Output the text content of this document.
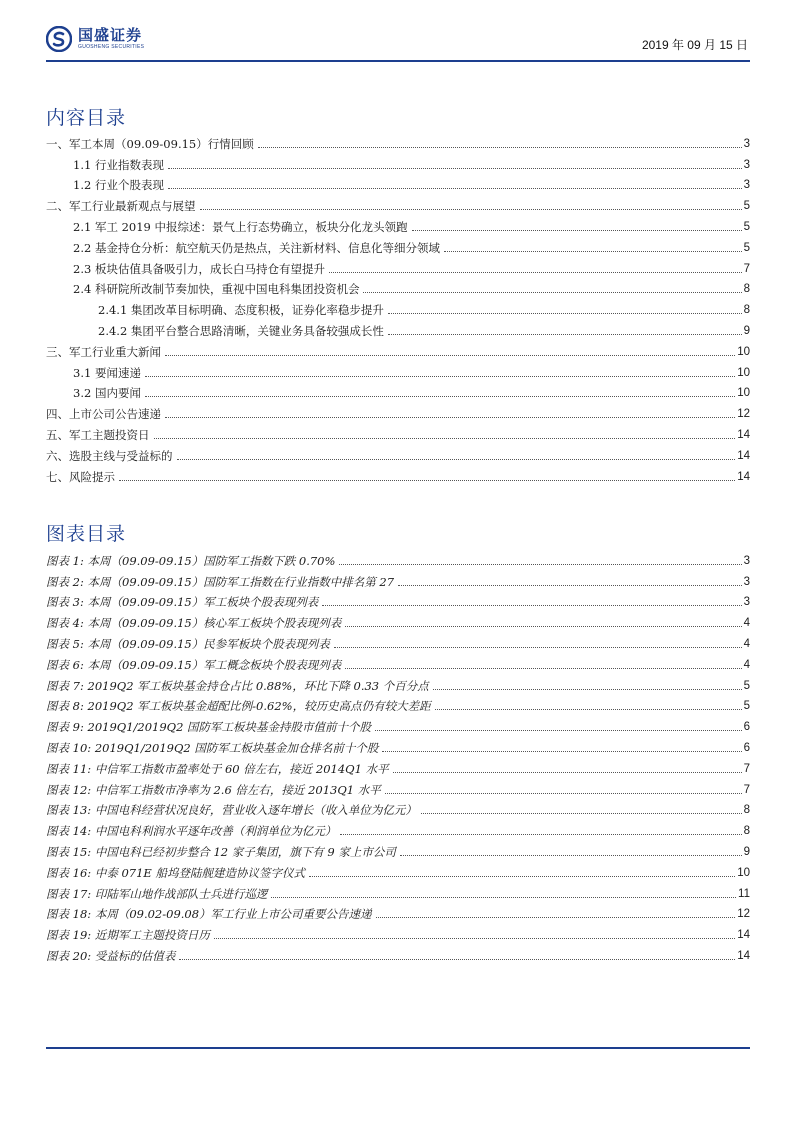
国盛证券
GUOSHENG SECURITIES	2019 年 09 月 15 日
内容目录
一、军工本周（09.09-09.15）行情回顾	3
1.1 行业指数表现	3
1.2 行业个股表现	3
二、军工行业最新观点与展望	5
2.1 军工 2019 中报综述：景气上行态势确立，板块分化龙头领跑	5
2.2 基金持仓分析：航空航天仍是热点，关注新材料、信息化等细分领域	5
2.3 板块估值具备吸引力，成长白马持仓有望提升	7
2.4 科研院所改制节奏加快，重视中国电科集团投资机会	8
2.4.1 集团改革目标明确、态度积极，证券化率稳步提升	8
2.4.2 集团平台整合思路清晰，关键业务具备较强成长性	9
三、军工行业重大新闻	10
3.1 要闻速递	10
3.2 国内要闻	10
四、上市公司公告速递	12
五、军工主题投资日	14
六、选股主线与受益标的	14
七、风险提示	14
图表目录
图表 1: 本周（09.09-09.15）国防军工指数下跌 0.70%	3
图表 2: 本周（09.09-09.15）国防军工指数在行业指数中排名第 27	3
图表 3: 本周（09.09-09.15）军工板块个股表现列表	3
图表 4: 本周（09.09-09.15）核心军工板块个股表现列表	4
图表 5: 本周（09.09-09.15）民参军板块个股表现列表	4
图表 6: 本周（09.09-09.15）军工概念板块个股表现列表	4
图表 7: 2019Q2 军工板块基金持仓占比 0.88%，环比下降 0.33 个百分点	5
图表 8: 2019Q2 军工板块基金超配比例-0.62%，较历史高点仍有较大差距	5
图表 9: 2019Q1/2019Q2 国防军工板块基金持股市值前十个股	6
图表 10: 2019Q1/2019Q2 国防军工板块基金加仓排名前十个股	6
图表 11: 中信军工指数市盈率处于 60 倍左右，接近 2014Q1 水平	7
图表 12: 中信军工指数市净率为 2.6 倍左右，接近 2013Q1 水平	7
图表 13: 中国电科经营状况良好，营业收入逐年增长（收入单位为亿元）	8
图表 14: 中国电科利润水平逐年改善（利润单位为亿元）	8
图表 15: 中国电科已经初步整合 12 家子集团，旗下有 9 家上市公司	9
图表 16: 中泰 071E 船坞登陆舰建造协议签字仪式	10
图表 17: 印陆军山地作战部队士兵进行巡逻	11
图表 18: 本周（09.02-09.08）军工行业上市公司重要公告速递	12
图表 19: 近期军工主题投资日历	14
图表 20: 受益标的估值表	14
